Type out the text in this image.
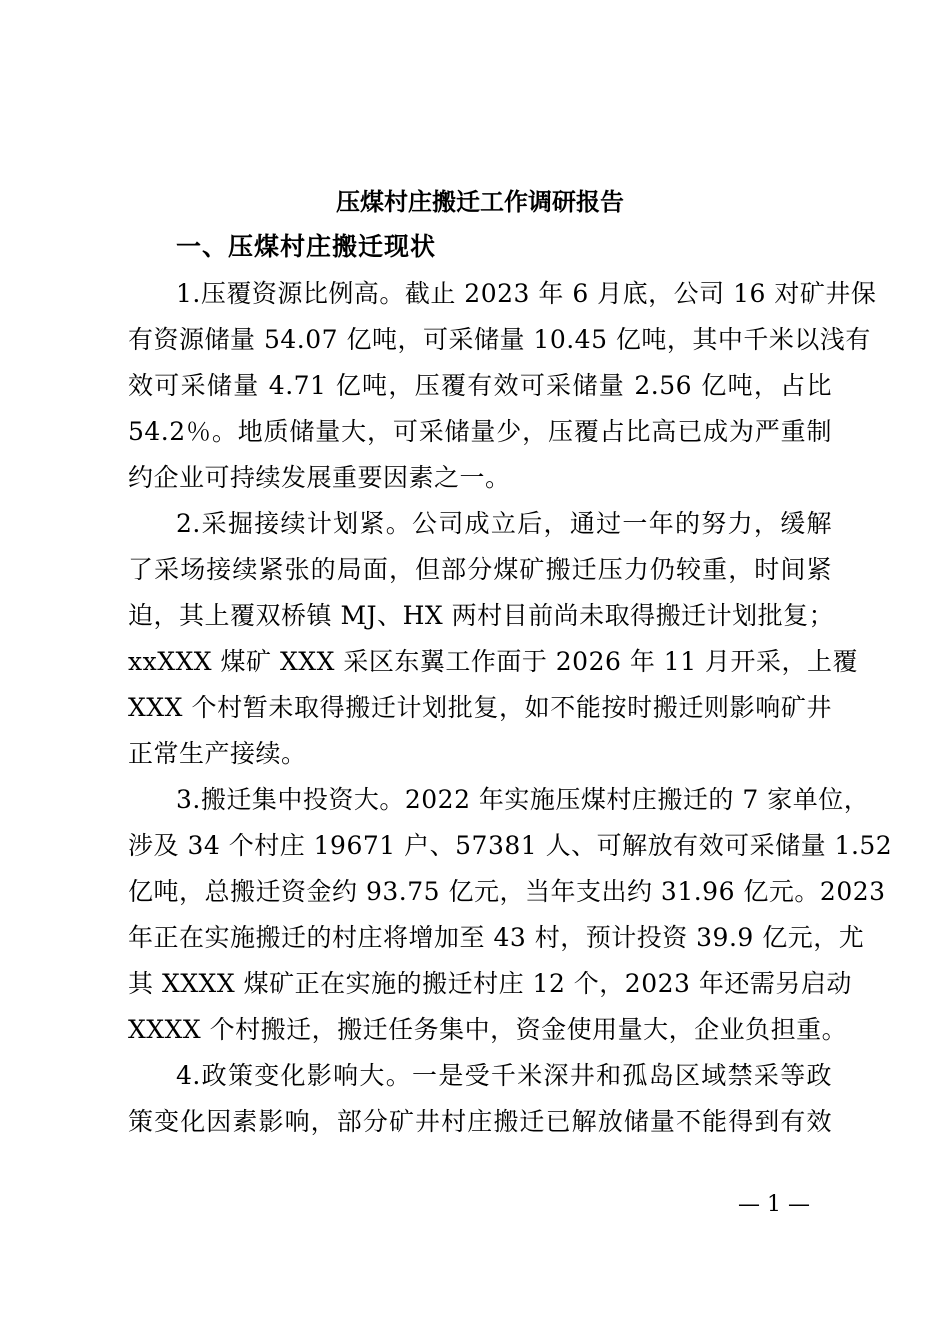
压煤村庄搬迁工作调研报告
一、压煤村庄搬迁现状
1.压覆资源比例高。截止 2023 年 6 月底，公司 16 对矿井保
有资源储量 54.07 亿吨，可采储量 10.45 亿吨，其中千米以浅有
效可采储量 4.71 亿吨，压覆有效可采储量 2.56 亿吨，占比
54.2％。地质储量大，可采储量少，压覆占比高已成为严重制
约企业可持续发展重要因素之一。
2.采掘接续计划紧。公司成立后，通过一年的努力，缓解
了采场接续紧张的局面，但部分煤矿搬迁压力仍较重，时间紧
迫，其上覆双桥镇 MJ、HX 两村目前尚未取得搬迁计划批复；
xxXXX 煤矿 XXX 采区东翼工作面于 2026 年 11 月开采，上覆
XXX 个村暂未取得搬迁计划批复，如不能按时搬迁则影响矿井
正常生产接续。
3.搬迁集中投资大。2022 年实施压煤村庄搬迁的 7 家单位，
涉及 34 个村庄 19671 户、57381 人、可解放有效可采储量 1.52
亿吨，总搬迁资金约 93.75 亿元，当年支出约 31.96 亿元。2023
年正在实施搬迁的村庄将增加至 43 村，预计投资 39.9 亿元，尤
其 XXXX 煤矿正在实施的搬迁村庄 12 个，2023 年还需另启动
XXXX 个村搬迁，搬迁任务集中，资金使用量大，企业负担重。
4.政策变化影响大。一是受千米深井和孤岛区域禁采等政
策变化因素影响，部分矿井村庄搬迁已解放储量不能得到有效
— 1 —
